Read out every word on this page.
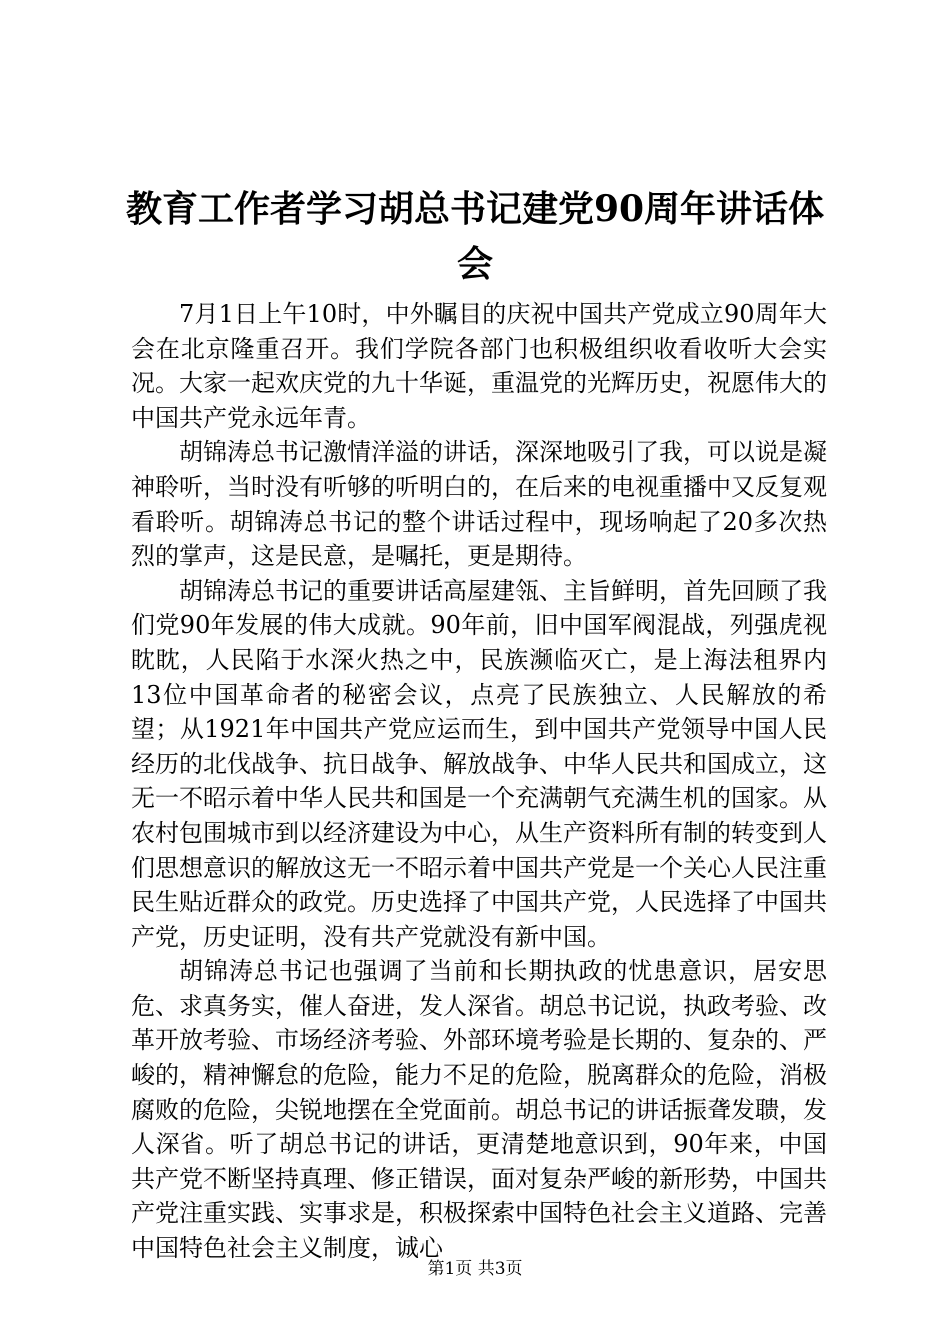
教育工作者学习胡总书记建党90周年讲话体会

7月1日上午10时，中外瞩目的庆祝中国共产党成立90周年大会在北京隆重召开。我们学院各部门也积极组织收看收听大会实况。大家一起欢庆党的九十华诞，重温党的光辉历史，祝愿伟大的中国共产党永远年青。

胡锦涛总书记激情洋溢的讲话，深深地吸引了我，可以说是凝神聆听，当时没有听够的听明白的，在后来的电视重播中又反复观看聆听。胡锦涛总书记的整个讲话过程中，现场响起了20多次热烈的掌声，这是民意，是嘱托，更是期待。

胡锦涛总书记的重要讲话高屋建瓴、主旨鲜明，首先回顾了我们党90年发展的伟大成就。90年前，旧中国军阀混战，列强虎视眈眈，人民陷于水深火热之中，民族濒临灭亡，是上海法租界内13位中国革命者的秘密会议，点亮了民族独立、人民解放的希望；从1921年中国共产党应运而生，到中国共产党领导中国人民经历的北伐战争、抗日战争、解放战争、中华人民共和国成立，这无一不昭示着中华人民共和国是一个充满朝气充满生机的国家。从农村包围城市到以经济建设为中心，从生产资料所有制的转变到人们思想意识的解放这无一不昭示着中国共产党是一个关心人民注重民生贴近群众的政党。历史选择了中国共产党，人民选择了中国共产党，历史证明，没有共产党就没有新中国。

胡锦涛总书记也强调了当前和长期执政的忧患意识，居安思危、求真务实，催人奋进，发人深省。胡总书记说，执政考验、改革开放考验、市场经济考验、外部环境考验是长期的、复杂的、严峻的，精神懈怠的危险，能力不足的危险，脱离群众的危险，消极腐败的危险，尖锐地摆在全党面前。胡总书记的讲话振聋发聩，发人深省。听了胡总书记的讲话，更清楚地意识到，90年来，中国共产党不断坚持真理、修正错误，面对复杂严峻的新形势，中国共产党注重实践、实事求是，积极探索中国特色社会主义道路、完善中国特色社会主义制度，诚心

第1页 共3页
